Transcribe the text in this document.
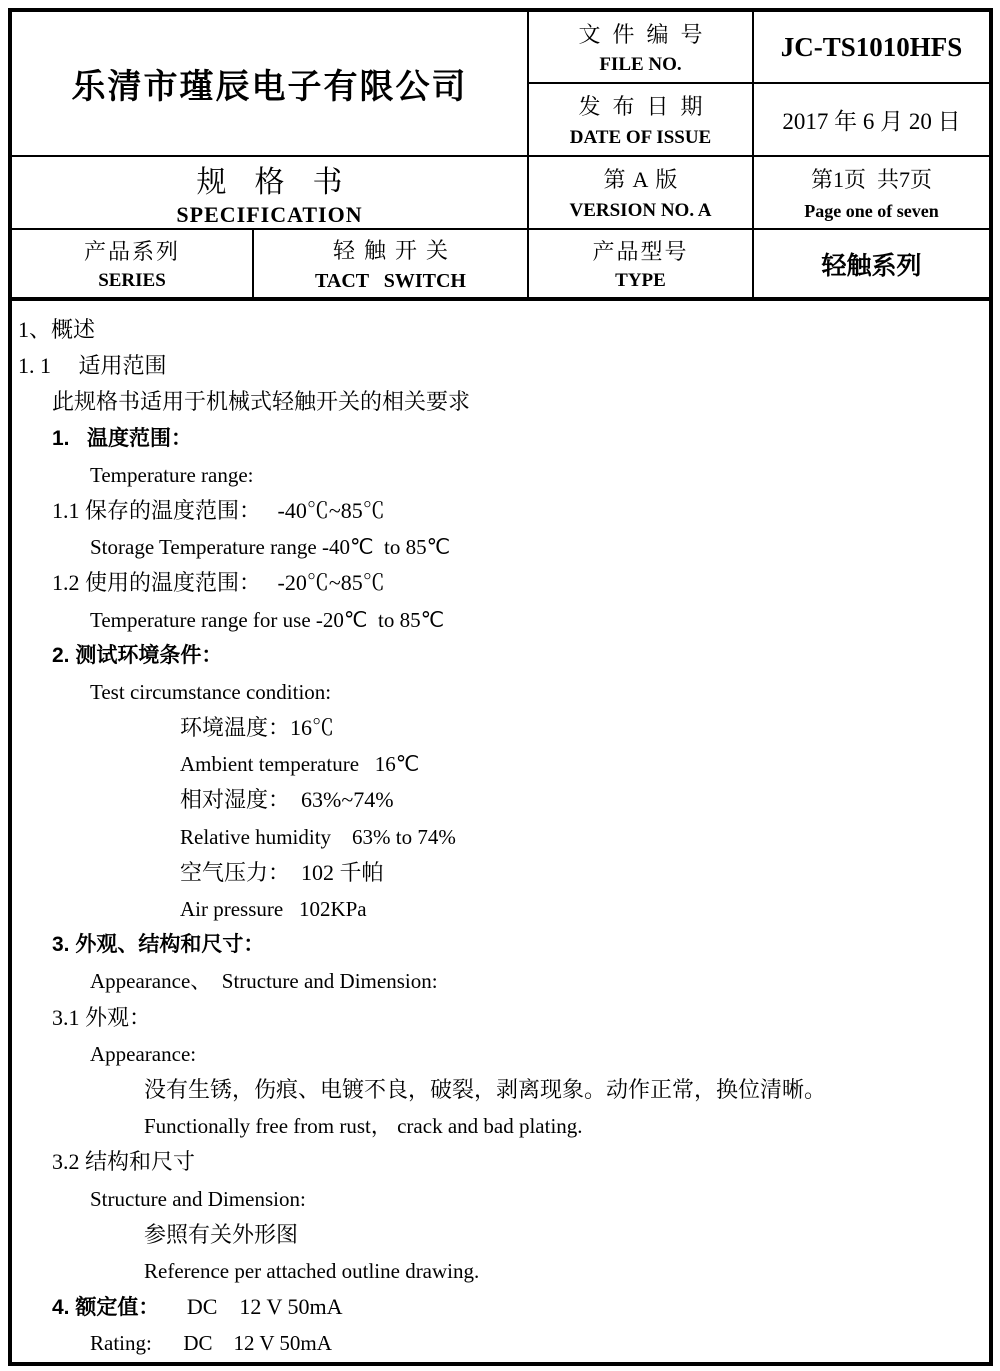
乐清市瑾辰电子有限公司
文件编号
FILE NO.
JC-TS1010HFS
发布日期
DATE OF ISSUE
2017 年 6 月 20 日
规格书
SPECIFICATION
第A版
VERSION NO. A
第1页  共7页
Page one of seven
产品系列
SERIES
轻触开关
TACT   SWITCH
产品型号
TYPE
轻触系列
1、概述
1. 1     适用范围
此规格书适用于机械式轻触开关的相关要求
1.   温度范围：
Temperature range:
1.1 保存的温度范围：   -40℃~85℃
Storage Temperature range -40℃  to 85℃
1.2 使用的温度范围：   -20℃~85℃
Temperature range for use -20℃  to 85℃
2. 测试环境条件：
Test circumstance condition:
环境温度：16℃
Ambient temperature   16℃
相对湿度：  63%~74%
Relative humidity    63% to 74%
空气压力：  102 千帕
Air pressure   102KPa
3. 外观、结构和尺寸：
Appearance、  Structure and Dimension:
3.1 外观：
Appearance:
没有生锈，伤痕、电镀不良，破裂，剥离现象。动作正常，换位清晰。
Functionally free from rust， crack and bad plating.
3.2 结构和尺寸
Structure and Dimension:
参照有关外形图
Reference per attached outline drawing.
4. 额定值：     DC    12 V 50mA
Rating:      DC    12 V 50mA
